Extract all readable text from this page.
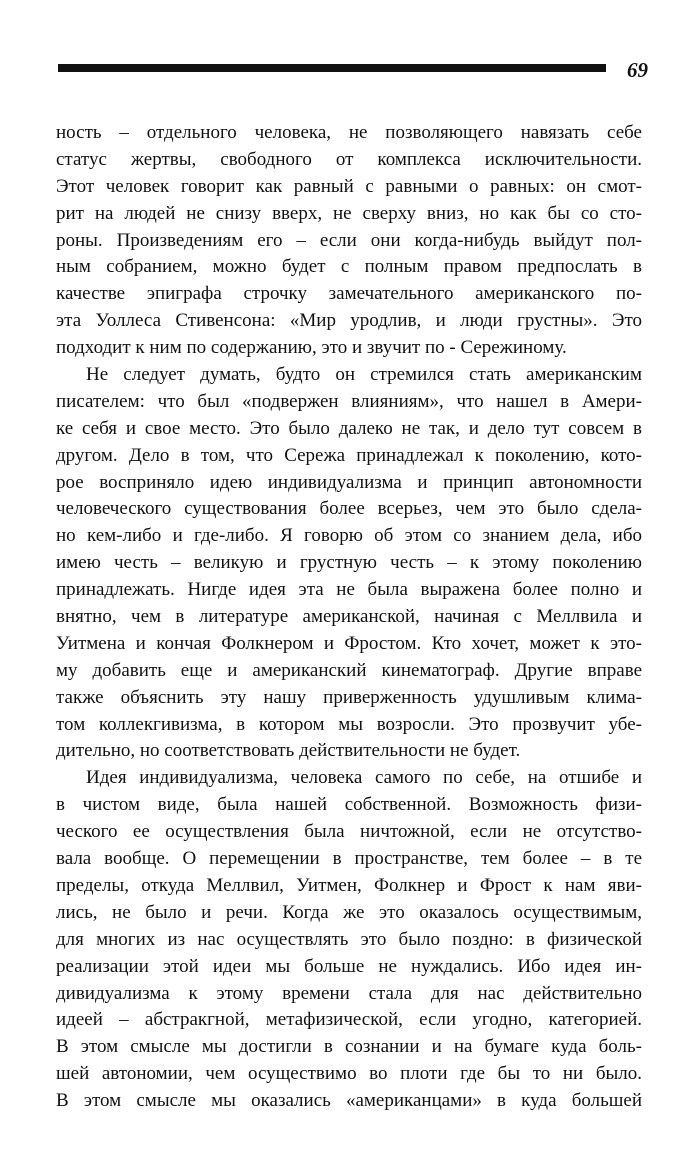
69
ность – отдельного человека, не позволяющего навязать себе
статус жертвы, свободного от комплекса исключительности.
Этот человек говорит как равный с равными о равных: он смот-
рит на людей не снизу вверх, не сверху вниз, но как бы со сто-
роны. Произведениям его – если они когда-нибудь выйдут пол-
ным собранием, можно будет с полным правом предпослать в
качестве эпиграфа строчку замечательного американского по-
эта Уоллеса Стивенсона: «Мир уродлив, и люди грустны». Это
подходит к ним по содержанию, это и звучит по - Сережиному.
Не следует думать, будто он стремился стать американским
писателем: что был «подвержен влияниям», что нашел в Амери-
ке себя и свое место. Это было далеко не так, и дело тут совсем в
другом. Дело в том, что Сережа принадлежал к поколению, кото-
рое восприняло идею индивидуализма и принцип автономности
человеческого существования более всерьез, чем это было сдела-
но кем-либо и где-либо. Я говорю об этом со знанием дела, ибо
имею честь – великую и грустную честь – к этому поколению
принадлежать. Нигде идея эта не была выражена более полно и
внятно, чем в литературе американской, начиная с Меллвила и
Уитмена и кончая Фолкнером и Фростом. Кто хочет, может к это-
му добавить еще и американский кинематограф. Другие вправе
также объяснить эту нашу приверженность удушливым клима-
том коллекгивизма, в котором мы возросли. Это прозвучит убе-
дительно, но соответствовать действительности не будет.
Идея индивидуализма, человека самого по себе, на отшибе и
в чистом виде, была нашей собственной. Возможность физи-
ческого ее осуществления была ничтожной, если не отсутство-
вала вообще. О перемещении в пространстве, тем более – в те
пределы, откуда Меллвил, Уитмен, Фолкнер и Фрост к нам яви-
лись, не было и речи. Когда же это оказалось осуществимым,
для многих из нас осуществлять это было поздно: в физической
реализации этой идеи мы больше не нуждались. Ибо идея ин-
дивидуализма к этому времени стала для нас действительно
идеей – абстракгной, метафизической, если угодно, категорией.
В этом смысле мы достигли в сознании и на бумаге куда боль-
шей автономии, чем осуществимо во плоти где бы то ни было.
В этом смысле мы оказались «американцами» в куда большей
